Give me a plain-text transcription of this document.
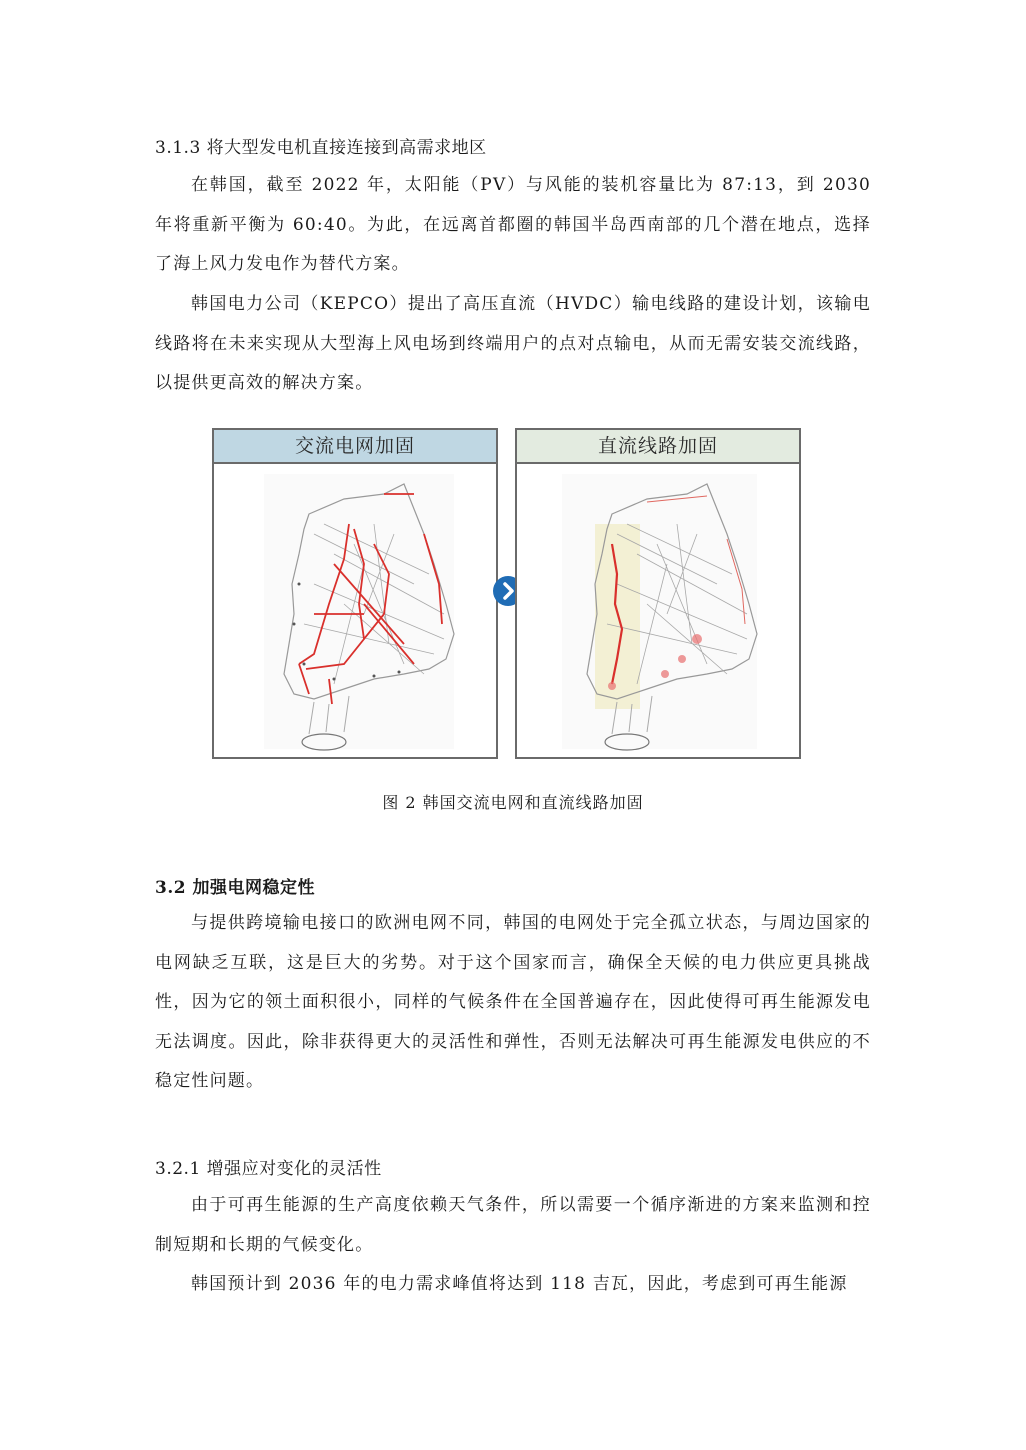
3.1.3 将大型发电机直接连接到高需求地区

在韩国，截至 2022 年，太阳能（PV）与风能的装机容量比为 87:13，到 2030 年将重新平衡为 60:40。为此，在远离首都圈的韩国半岛西南部的几个潜在地点，选择了海上风力发电作为替代方案。

韩国电力公司（KEPCO）提出了高压直流（HVDC）输电线路的建设计划，该输电线路将在未来实现从大型海上风电场到终端用户的点对点输电，从而无需安装交流线路，以提供更高效的解决方案。

交流电网加固	直流线路加固
图 2 韩国交流电网和直流线路加固
3.2 加强电网稳定性

与提供跨境输电接口的欧洲电网不同，韩国的电网处于完全孤立状态，与周边国家的电网缺乏互联，这是巨大的劣势。对于这个国家而言，确保全天候的电力供应更具挑战性，因为它的领土面积很小，同样的气候条件在全国普遍存在，因此使得可再生能源发电无法调度。因此，除非获得更大的灵活性和弹性，否则无法解决可再生能源发电供应的不稳定性问题。

3.2.1 增强应对变化的灵活性

由于可再生能源的生产高度依赖天气条件，所以需要一个循序渐进的方案来监测和控制短期和长期的气候变化。

韩国预计到 2036 年的电力需求峰值将达到 118 吉瓦，因此，考虑到可再生能源
